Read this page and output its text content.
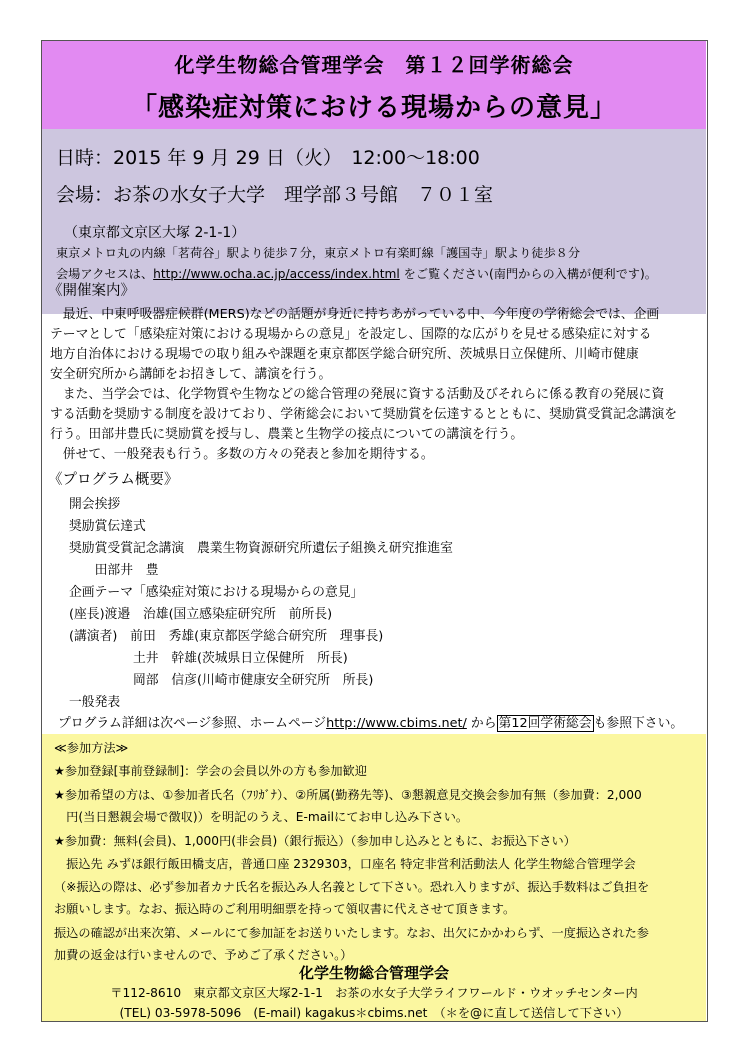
化学生物総合管理学会　第１２回学術総会
「感染症対策における現場からの意見」
日時：2015 年 9 月 29 日（火）　12:00～18:00
会場：お茶の水女子大学　理学部３号館　７０１室
（東京都文京区大塚 2-1-1）
東京メトロ丸の内線「茗荷谷」駅より徒歩７分，東京メトロ有楽町線「護国寺」駅より徒歩８分
会場アクセスは、http://www.ocha.ac.jp/access/index.html をご覧ください(南門からの入構が便利です)。
《開催案内》
　最近、中東呼吸器症候群(MERS)などの話題が身近に持ちあがっている中、今年度の学術総会では、企画
テーマとして「感染症対策における現場からの意見」を設定し、国際的な広がりを見せる感染症に対する
地方自治体における現場での取り組みや課題を東京都医学総合研究所、茨城県日立保健所、川崎市健康
安全研究所から講師をお招きして、講演を行う。
　また、当学会では、化学物質や生物などの総合管理の発展に資する活動及びそれらに係る教育の発展に資
する活動を奨励する制度を設けており、学術総会において奨励賞を伝達するとともに、奨励賞受賞記念講演を
行う。田部井豊氏に奨励賞を授与し、農業と生物学の接点についての講演を行う。
　併せて、一般発表も行う。多数の方々の発表と参加を期待する。
《プログラム概要》
開会挨拶
奨励賞伝達式
奨励賞受賞記念講演　農業生物資源研究所遺伝子組換え研究推進室
　　田部井　豊
企画テーマ「感染症対策における現場からの意見」
(座長)渡邉　治雄(国立感染症研究所　前所長)
(講演者)　前田　秀雄(東京都医学総合研究所　理事長)
　　　　　土井　幹雄(茨城県日立保健所　所長)
　　　　　岡部　信彦(川崎市健康安全研究所　所長)
一般発表
プログラム詳細は次ページ参照、ホームページhttp://www.cbims.net/ から 第12回学術総会 も参照下さい。
≪参加方法≫
★参加登録[事前登録制]：学会の会員以外の方も参加歓迎
★参加希望の方は、①参加者氏名（ﾌﾘｶﾞﾅ）、②所属(勤務先等)、③懇親意見交換会参加有無（参加費：2,000
　円(当日懇親会場で徴収)）を明記のうえ、E-mailにてお申し込み下さい。
★参加費：無料(会員)、1,000円(非会員)（銀行振込）（参加申し込みとともに、お振込下さい）
　振込先 みずほ銀行飯田橋支店，普通口座 2329303，口座名 特定非営利活動法人 化学生物総合管理学会
（※振込の際は、必ず参加者カナ氏名を振込み人名義として下さい。恐れ入りますが、振込手数料はご負担を
お願いします。なお、振込時のご利用明細票を持って領収書に代えさせて頂きます。
振込の確認が出来次第、メールにて参加証をお送りいたします。なお、出欠にかかわらず、一度振込された参
加費の返金は行いませんので、予めご了承ください。）
化学生物総合管理学会
〒112-8610　東京都文京区大塚2-1-1　お茶の水女子大学ライフワールド・ウオッチセンター内
(TEL) 03-5978-5096　(E-mail) kagakus＊cbims.net　（＊を@に直して送信して下さい）
